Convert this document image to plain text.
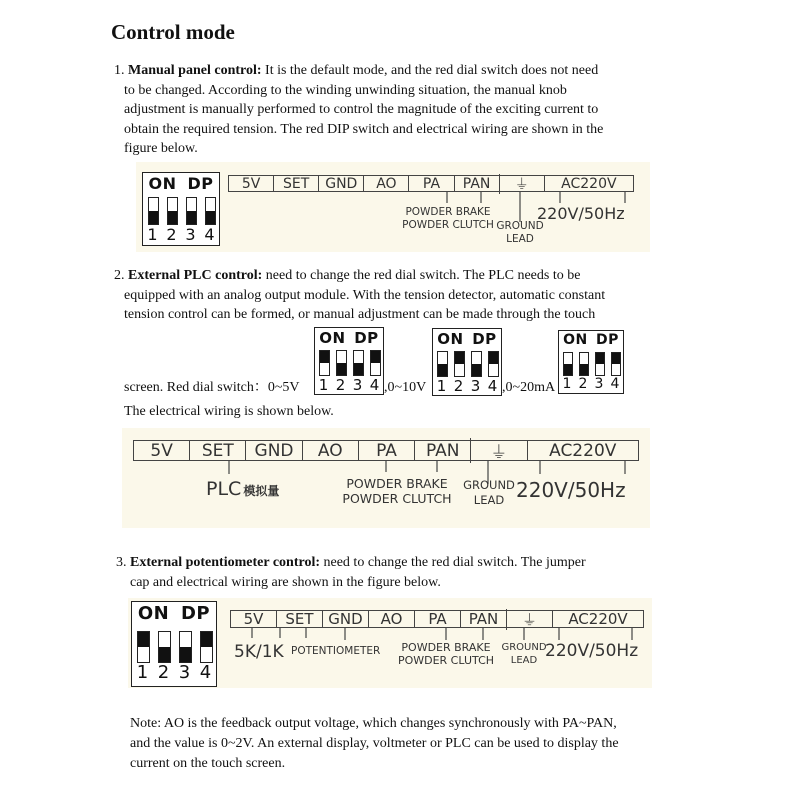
Control mode
1. Manual panel control: It is the default mode, and the red dial switch does not need
to be changed. According to the winding unwinding situation, the manual knob
adjustment is manually performed to control the magnitude of the exciting current to
obtain the required tension. The red DIP switch and electrical wiring are shown in the
figure below.
ON DP
1 2 3 4
5V	SET	GND	AO	PA	PAN	⏚	AC220V
POWDER BRAKE
POWDER CLUTCH GROUND
LEAD
220V/50Hz
2. External PLC control: need to change the red dial switch. The PLC needs to be
equipped with an analog output module. With the tension detector, automatic constant
tension control can be formed, or manual adjustment can be made through the touch
screen. Red dial switch：0~5V	,0~10V	,0~20mA
The electrical wiring is shown below.
ON DP
1 2 3 4
ON DP
1 2 3 4
ON DP
1 2 3 4
5V	SET	GND	AO	PA	PAN	⏚	AC220V
PLC 模拟量	POWDER BRAKE
POWDER CLUTCH
GROUND
LEAD 220V/50Hz
3. External potentiometer control: need to change the red dial switch. The jumper
cap and electrical wiring are shown in the figure below.
ON DP
1 2 3 4
5V	SET GND	AO	PA	PAN	⏚	AC220V
5K/1K POTENTIOMETER	POWDER BRAKE
POWDER CLUTCH
GROUND
LEAD 220V/50Hz
Note: AO is the feedback output voltage, which changes synchronously with PA~PAN,
and the value is 0~2V. An external display, voltmeter or PLC can be used to display the
current on the touch screen.
